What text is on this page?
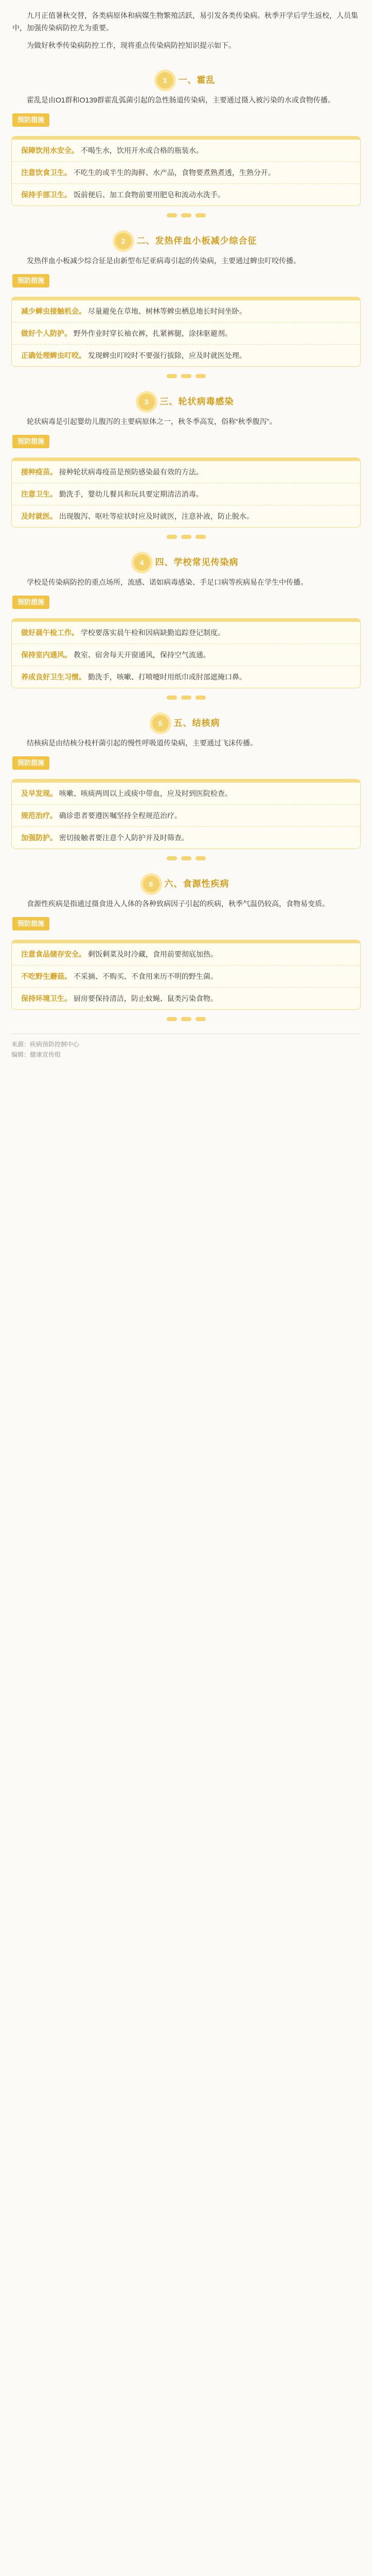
九月正值暑秋交替，各类病原体和病媒生物繁殖活跃，易引发各类传染病。秋季开学后学生返校，人员集中，加强传染病防控尤为重要。

为做好秋季传染病防控工作，现将重点传染病防控知识提示如下。

1	一、霍乱
霍乱是由O1群和O139群霍乱弧菌引起的急性肠道传染病，主要通过摄入被污染的水或食物传播。
预防措施
保障饮用水安全。 不喝生水，饮用开水或合格的瓶装水。
注意饮食卫生。 不吃生的或半生的海鲜、水产品，食物要煮熟煮透，生熟分开。
保持手部卫生。 饭前便后、加工食物前要用肥皂和流动水洗手。
2	二、发热伴血小板减少综合征
发热伴血小板减少综合征是由新型布尼亚病毒引起的传染病，主要通过蜱虫叮咬传播。
预防措施
减少蜱虫接触机会。 尽量避免在草地、树林等蜱虫栖息地长时间坐卧。
做好个人防护。 野外作业时穿长袖衣裤，扎紧裤腿，涂抹驱避剂。
正确处理蜱虫叮咬。 发现蜱虫叮咬时不要强行拔除，应及时就医处理。
3	三、轮状病毒感染
轮状病毒是引起婴幼儿腹泻的主要病原体之一，秋冬季高发，俗称“秋季腹泻”。
预防措施
接种疫苗。 接种轮状病毒疫苗是预防感染最有效的方法。
注意卫生。 勤洗手，婴幼儿餐具和玩具要定期清洁消毒。
及时就医。 出现腹泻、呕吐等症状时应及时就医，注意补液，防止脱水。
4	四、学校常见传染病
学校是传染病防控的重点场所，流感、诺如病毒感染、手足口病等疾病易在学生中传播。
预防措施
做好晨午检工作。 学校要落实晨午检和因病缺勤追踪登记制度。
保持室内通风。 教室、宿舍每天开窗通风，保持空气流通。
养成良好卫生习惯。 勤洗手，咳嗽、打喷嚏时用纸巾或肘部遮掩口鼻。
5	五、结核病
结核病是由结核分枝杆菌引起的慢性呼吸道传染病，主要通过飞沫传播。
预防措施
及早发现。 咳嗽、咳痰两周以上或痰中带血，应及时到医院检查。
规范治疗。 确诊患者要遵医嘱坚持全程规范治疗。
加强防护。 密切接触者要注意个人防护并及时筛查。
6	六、食源性疾病
食源性疾病是指通过摄食进入人体的各种致病因子引起的疾病，秋季气温仍较高，食物易变质。
预防措施
注意食品储存安全。 剩饭剩菜及时冷藏，食用前要彻底加热。
不吃野生蘑菇。 不采摘、不购买、不食用来历不明的野生菌。
保持环境卫生。 厨房要保持清洁，防止蚊蝇、鼠类污染食物。
来源：疾病预防控制中心
编辑：健康宣传组
